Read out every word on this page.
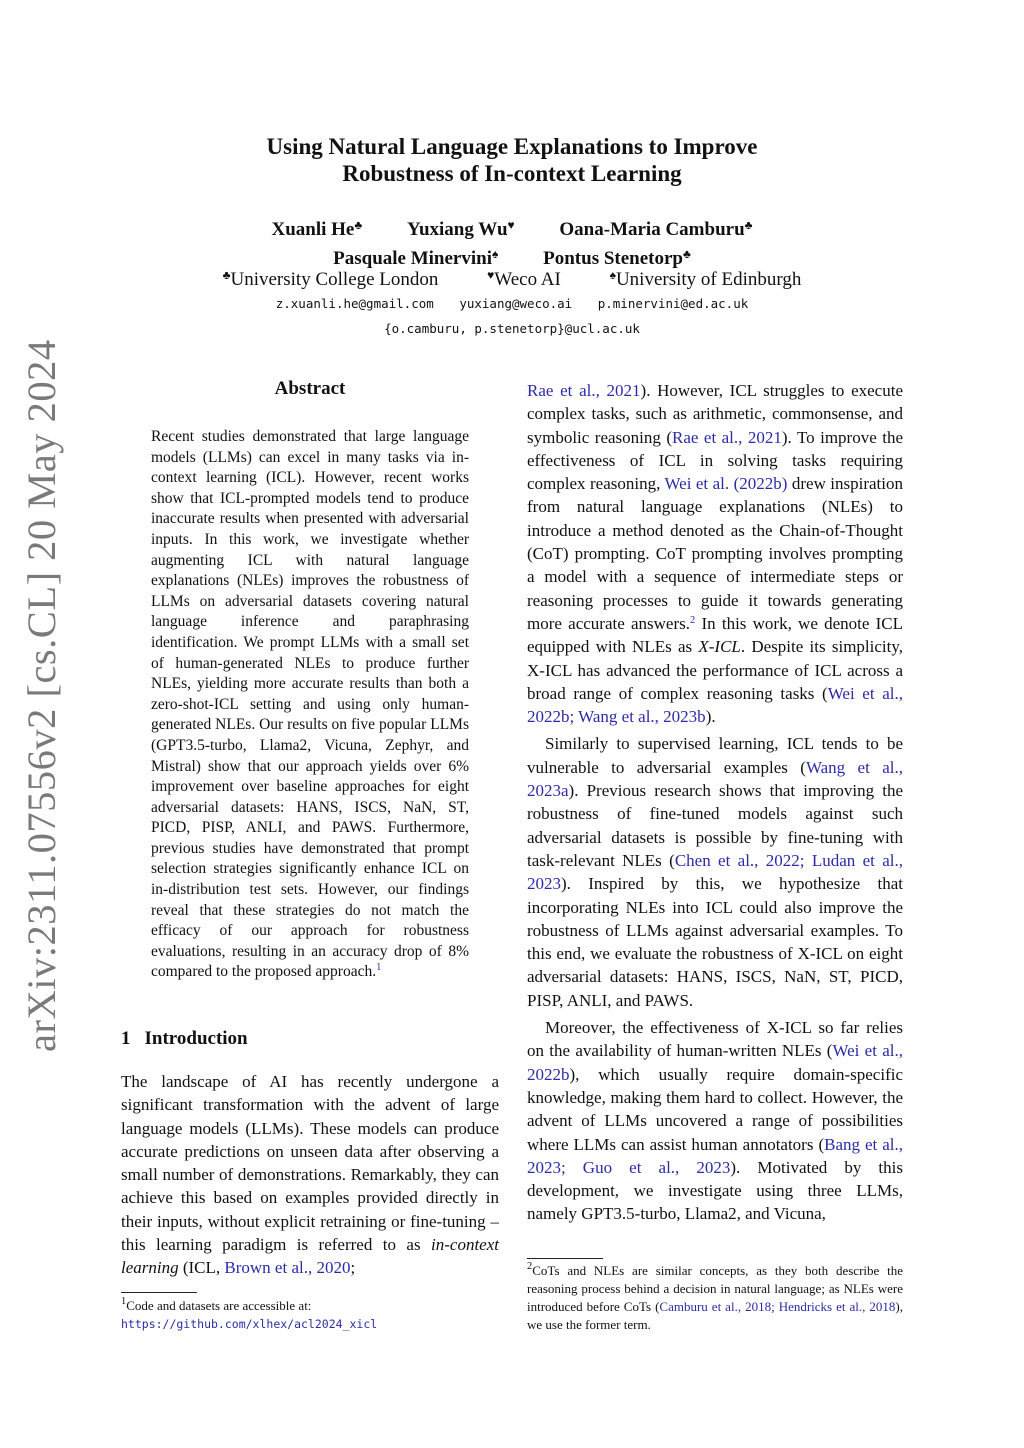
arXiv:2311.07556v2 [cs.CL] 20 May 2024
Using Natural Language Explanations to Improve
Robustness of In-context Learning
Xuanli He♣ Yuxiang Wu♥ Oana-Maria Camburu♣
Pasquale Minervini♠ Pontus Stenetorp♣
♣University College London	♥Weco AI	♠University of Edinburgh
z.xuanli.he@gmail.com yuxiang@weco.ai p.minervini@ed.ac.uk
{o.camburu, p.stenetorp}@ucl.ac.uk
Abstract
Recent studies demonstrated that large language models (LLMs) can excel in many tasks via in-context learning (ICL). However, recent works show that ICL-prompted models tend to produce inaccurate results when presented with adversarial inputs. In this work, we investigate whether augmenting ICL with natural language explanations (NLEs) improves the robustness of LLMs on adversarial datasets covering natural language inference and paraphrasing identification. We prompt LLMs with a small set of human-generated NLEs to produce further NLEs, yielding more accurate results than both a zero-shot-ICL setting and using only human-generated NLEs. Our results on five popular LLMs (GPT3.5-turbo, Llama2, Vicuna, Zephyr, and Mistral) show that our approach yields over 6% improvement over baseline approaches for eight adversarial datasets: HANS, ISCS, NaN, ST, PICD, PISP, ANLI, and PAWS. Furthermore, previous studies have demonstrated that prompt selection strategies significantly enhance ICL on in-distribution test sets. However, our findings reveal that these strategies do not match the efficacy of our approach for robustness evaluations, resulting in an accuracy drop of 8% compared to the proposed approach.$^1$
1 Introduction
The landscape of AI has recently undergone a significant transformation with the advent of large language models (LLMs). These models can produce accurate predictions on unseen data after observing a small number of demonstrations. Remarkably, they can achieve this based on examples provided directly in their inputs, without explicit retraining or fine-tuning – this learning paradigm is referred to as in-context learning (ICL, Brown et al., 2020;
$^1$Code and datasets are accessible at: https://github.com/xlhex/acl2024_xicl

Rae et al., 2021). However, ICL struggles to execute complex tasks, such as arithmetic, commonsense, and symbolic reasoning (Rae et al., 2021). To improve the effectiveness of ICL in solving tasks requiring complex reasoning, Wei et al. (2022b) drew inspiration from natural language explanations (NLEs) to introduce a method denoted as the Chain-of-Thought (CoT) prompting. CoT prompting involves prompting a model with a sequence of intermediate steps or reasoning processes to guide it towards generating more accurate answers.$^2$ In this work, we denote ICL equipped with NLEs as X-ICL. Despite its simplicity, X-ICL has advanced the performance of ICL across a broad range of complex reasoning tasks (Wei et al., 2022b; Wang et al., 2023b).

Similarly to supervised learning, ICL tends to be vulnerable to adversarial examples (Wang et al., 2023a). Previous research shows that improving the robustness of fine-tuned models against such adversarial datasets is possible by fine-tuning with task-relevant NLEs (Chen et al., 2022; Ludan et al., 2023). Inspired by this, we hypothesize that incorporating NLEs into ICL could also improve the robustness of LLMs against adversarial examples. To this end, we evaluate the robustness of X-ICL on eight adversarial datasets: HANS, ISCS, NaN, ST, PICD, PISP, ANLI, and PAWS.

Moreover, the effectiveness of X-ICL so far relies on the availability of human-written NLEs (Wei et al., 2022b), which usually require domain-specific knowledge, making them hard to collect. However, the advent of LLMs uncovered a range of possibilities where LLMs can assist human annotators (Bang et al., 2023; Guo et al., 2023). Motivated by this development, we investigate using three LLMs, namely GPT3.5-turbo, Llama2, and Vicuna,

$^2$CoTs and NLEs are similar concepts, as they both describe the reasoning process behind a decision in natural language; as NLEs were introduced before CoTs (Camburu et al., 2018; Hendricks et al., 2018), we use the former term.
